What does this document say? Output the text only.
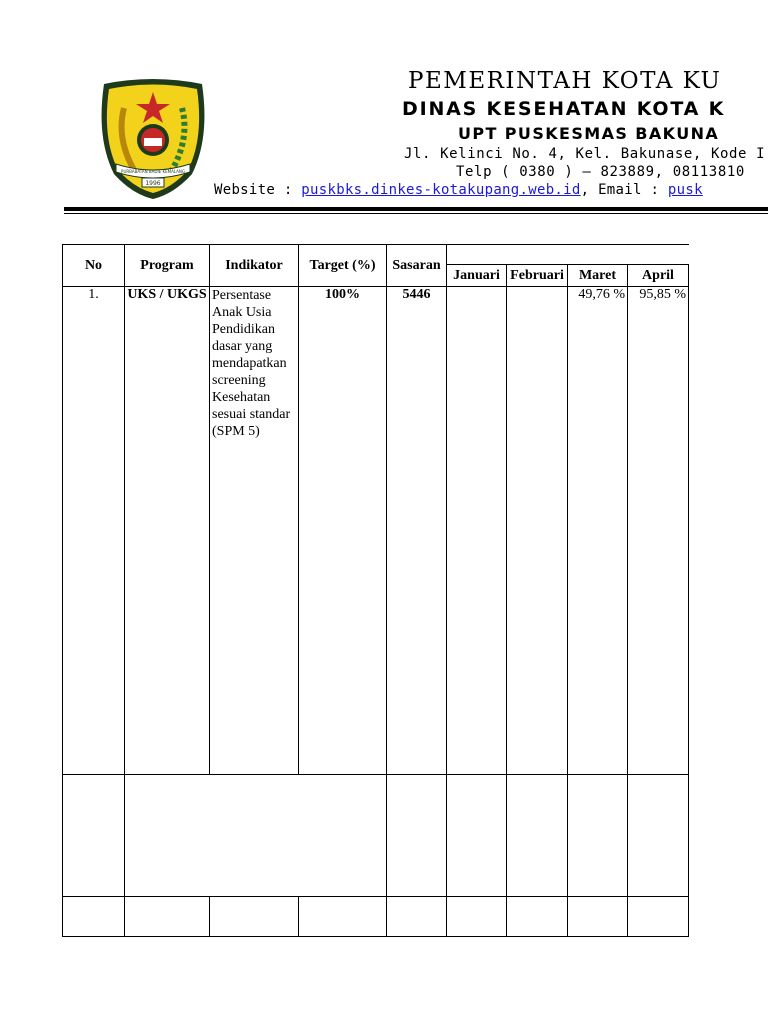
PURBABATAN BADIE KEMALANG
1996
PEMERINTAH KOTA KU
DINAS KESEHATAN KOTA K
UPT PUSKESMAS BAKUNA
Jl. Kelinci No. 4, Kel. Bakunase, Kode I
Telp ( 0380 ) – 823889, 08113810
Website : puskbks.dinkes-kotakupang.web.id, Email : pusk
No	Program	Indikator	Target (%)	Sasaran				
					Januari	Februari	Maret	April
1.	UKS / UKGS	Persentase Anak Usia Pendidikan dasar yang mendapatkan screening Kesehatan sesuai standar (SPM 5)	100%	5446			49,76 %	95,85 %
